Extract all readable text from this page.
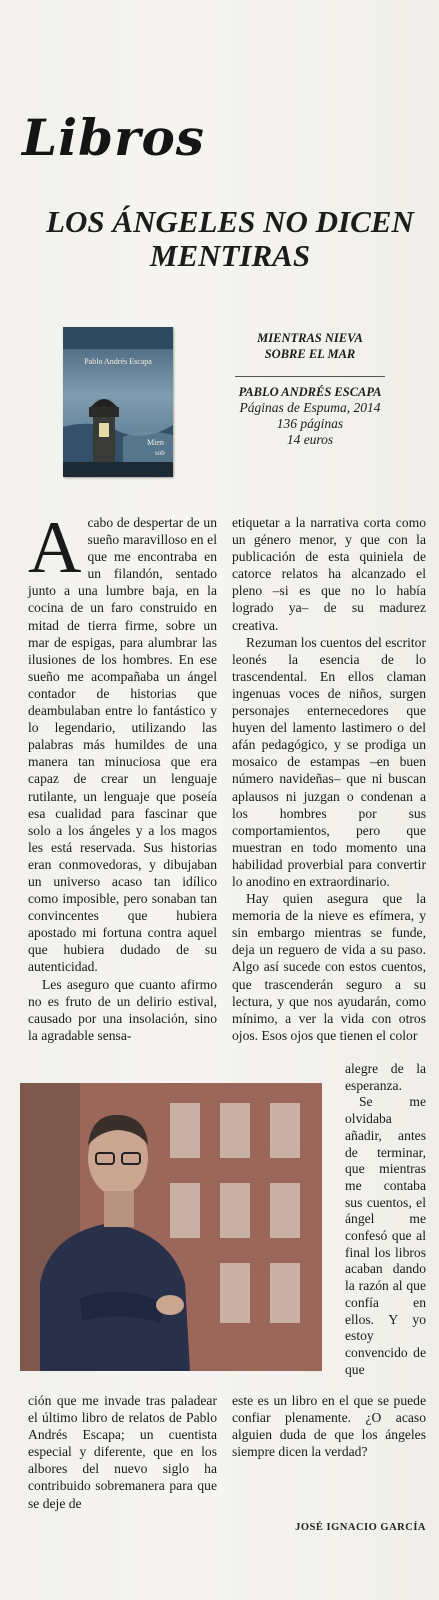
Libros
LOS ÁNGELES NO DICEN MENTIRAS
Mien
sob
Pablo Andrés Escapa

MIENTRAS NIEVA

SOBRE EL MAR

PABLO ANDRÉS ESCAPA

Páginas de Espuma, 2014

136 páginas

14 euros

A cabo de despertar de un sueño maravilloso en el que me encontraba en un filandón, sentado junto a una lumbre baja, en la cocina de un faro construido en mitad de tierra firme, sobre un mar de espigas, para alumbrar las ilusiones de los hombres. En ese sueño me acompañaba un ángel contador de historias que deambulaban entre lo fantástico y lo legendario, utilizando las palabras más humildes de una manera tan minuciosa que era capaz de crear un lenguaje rutilante, un lenguaje que poseía esa cualidad para fascinar que solo a los ángeles y a los magos les está reservada. Sus historias eran conmovedoras, y dibujaban un universo acaso tan idílico como imposible, pero sonaban tan convincentes que hubiera apostado mi fortuna contra aquel que hubiera dudado de su autenticidad.

Les aseguro que cuanto afirmo no es fruto de un delirio estival, causado por una insolación, sino la agradable sensa-

etiquetar a la narrativa corta como un género menor, y que con la publicación de esta quiniela de catorce relatos ha alcanzado el pleno –si es que no lo había logrado ya– de su madurez creativa.

Rezuman los cuentos del escritor leonés la esencia de lo trascendental. En ellos claman ingenuas voces de niños, surgen personajes enternecedores que huyen del lamento lastimero o del afán pedagógico, y se prodiga un mosaico de estampas –en buen número navideñas– que ni buscan aplausos ni juzgan o condenan a los hombres por sus comportamientos, pero que muestran en todo momento una habilidad proverbial para convertir lo anodino en extraordinario.

Hay quien asegura que la memoria de la nieve es efímera, y sin embargo mientras se funde, deja un reguero de vida a su paso. Algo así sucede con estos cuentos, que trascenderán seguro a su lectura, y que nos ayudarán, como mínimo, a ver la vida con otros ojos. Esos ojos que tienen el color

alegre de la esperanza.

Se me olvidaba añadir, antes de terminar, que mientras me contaba sus cuentos, el ángel me confesó que al final los libros acaban dando la razón al que confía en ellos. Y yo estoy convencido de que

ción que me invade tras paladear el último libro de relatos de Pablo Andrés Escapa; un cuentista especial y diferente, que en los albores del nuevo siglo ha contribuido sobremanera para que se deje de

este es un libro en el que se puede confiar plenamente. ¿O acaso alguien duda de que los ángeles siempre dicen la verdad?

JOSÉ IGNACIO GARCÍA
